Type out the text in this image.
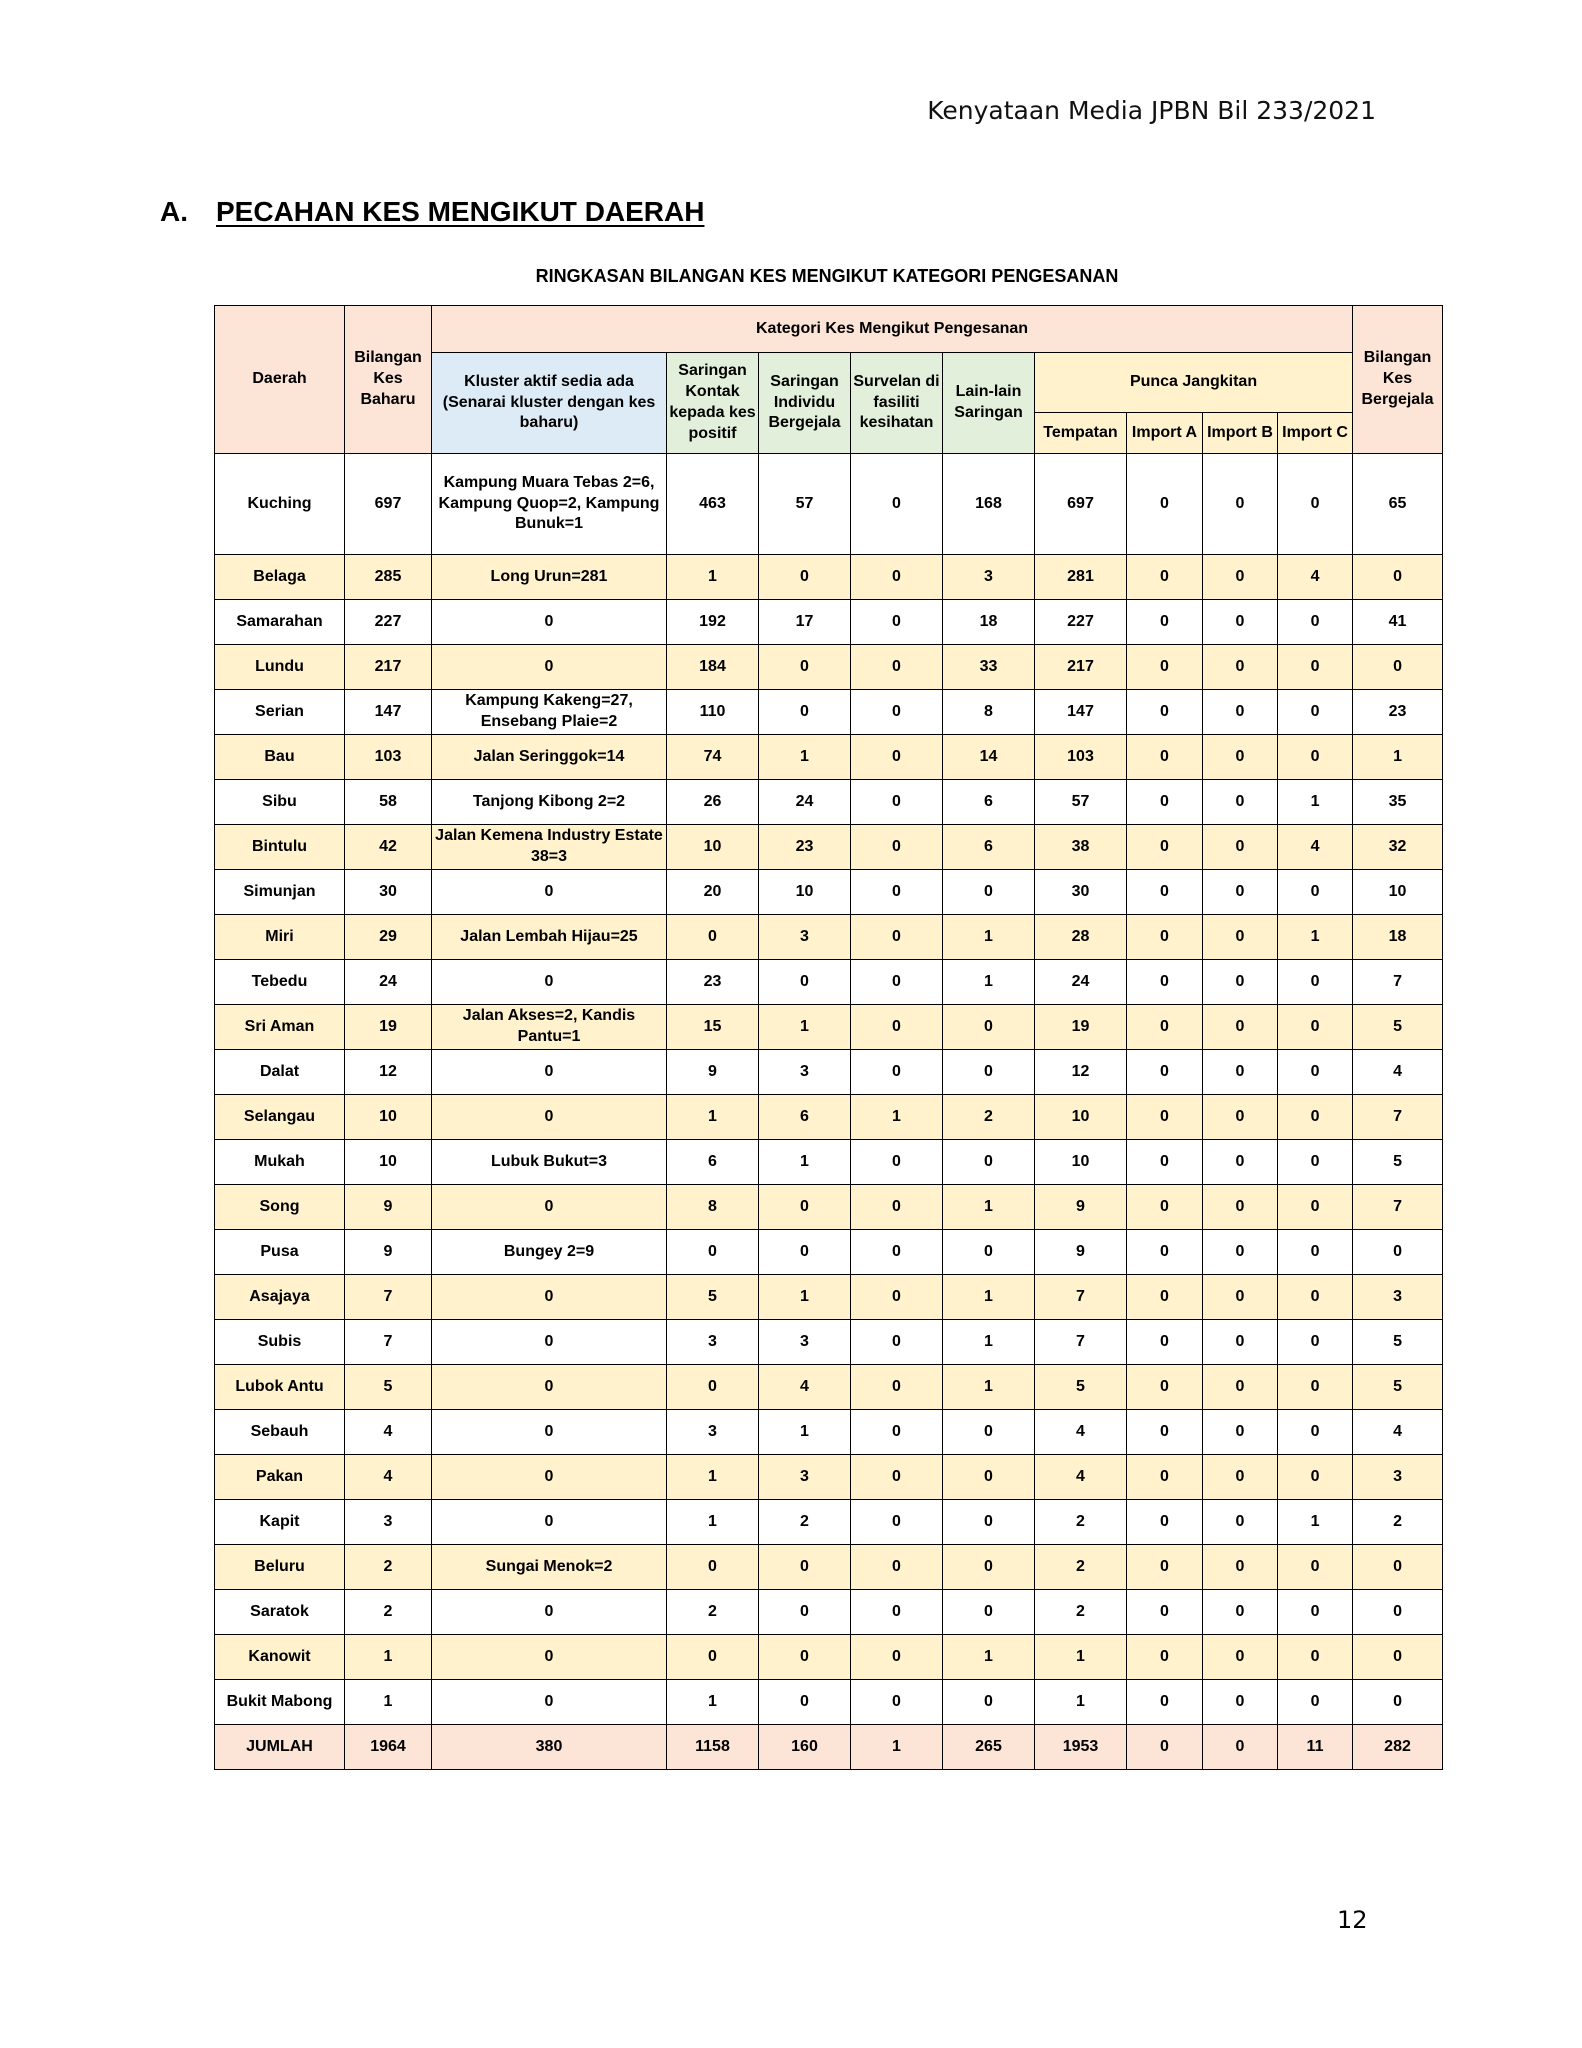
Kenyataan Media JPBN Bil 233/2021
A. PECAHAN KES MENGIKUT DAERAH
RINGKASAN BILANGAN KES MENGIKUT KATEGORI PENGESANAN
Daerah	Bilangan Kes Baharu	Kategori Kes Mengikut Pengesanan									Bilangan Kes Bergejala
		Kluster aktif sedia ada (Senarai kluster dengan kes baharu)	Saringan Kontak kepada kes positif	Saringan Individu Bergejala	Survelan di fasiliti kesihatan	Lain-lain Saringan	Punca Jangkitan				
							Tempatan	Import A	Import B	Import C	
Kuching	697	Kampung Muara Tebas 2=6, Kampung Quop=2, Kampung Bunuk=1	463	57	0	168	697	0	0	0	65
Belaga	285	Long Urun=281	1	0	0	3	281	0	0	4	0
Samarahan	227	0	192	17	0	18	227	0	0	0	41
Lundu	217	0	184	0	0	33	217	0	0	0	0
Serian	147	Kampung Kakeng=27, Ensebang Plaie=2	110	0	0	8	147	0	0	0	23
Bau	103	Jalan Seringgok=14	74	1	0	14	103	0	0	0	1
Sibu	58	Tanjong Kibong 2=2	26	24	0	6	57	0	0	1	35
Bintulu	42	Jalan Kemena Industry Estate 38=3	10	23	0	6	38	0	0	4	32
Simunjan	30	0	20	10	0	0	30	0	0	0	10
Miri	29	Jalan Lembah Hijau=25	0	3	0	1	28	0	0	1	18
Tebedu	24	0	23	0	0	1	24	0	0	0	7
Sri Aman	19	Jalan Akses=2, Kandis Pantu=1	15	1	0	0	19	0	0	0	5
Dalat	12	0	9	3	0	0	12	0	0	0	4
Selangau	10	0	1	6	1	2	10	0	0	0	7
Mukah	10	Lubuk Bukut=3	6	1	0	0	10	0	0	0	5
Song	9	0	8	0	0	1	9	0	0	0	7
Pusa	9	Bungey 2=9	0	0	0	0	9	0	0	0	0
Asajaya	7	0	5	1	0	1	7	0	0	0	3
Subis	7	0	3	3	0	1	7	0	0	0	5
Lubok Antu	5	0	0	4	0	1	5	0	0	0	5
Sebauh	4	0	3	1	0	0	4	0	0	0	4
Pakan	4	0	1	3	0	0	4	0	0	0	3
Kapit	3	0	1	2	0	0	2	0	0	1	2
Beluru	2	Sungai Menok=2	0	0	0	0	2	0	0	0	0
Saratok	2	0	2	0	0	0	2	0	0	0	0
Kanowit	1	0	0	0	0	1	1	0	0	0	0
Bukit Mabong	1	0	1	0	0	0	1	0	0	0	0
JUMLAH	1964	380	1158	160	1	265	1953	0	0	11	282
12
